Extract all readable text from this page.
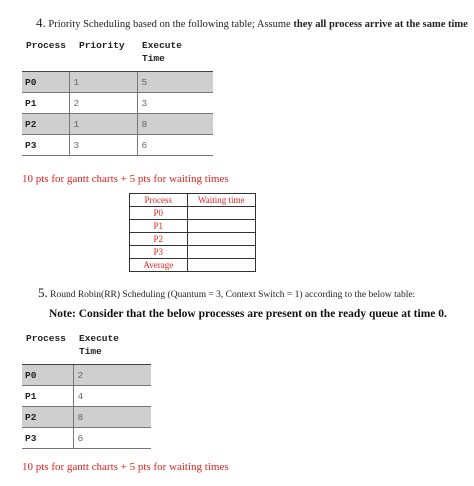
4. Priority Scheduling based on the following table; Assume they all process arrive at the same time
Process Priority Execute
Time
P0	1	5
P1	2	3
P2	1	8
P3	3	6
10 pts for gantt charts + 5 pts for waiting times
Process	Waiting time
P0	
P1	
P2	
P3	
Average	
5. Round Robin(RR) Scheduling (Quantum = 3, Context Switch = 1) according to the below table:
Note: Consider that the below processes are present on the ready queue at time 0.
Process Execute
Time
P0	2
P1	4
P2	8
P3	6
10 pts for gantt charts + 5 pts for waiting times
